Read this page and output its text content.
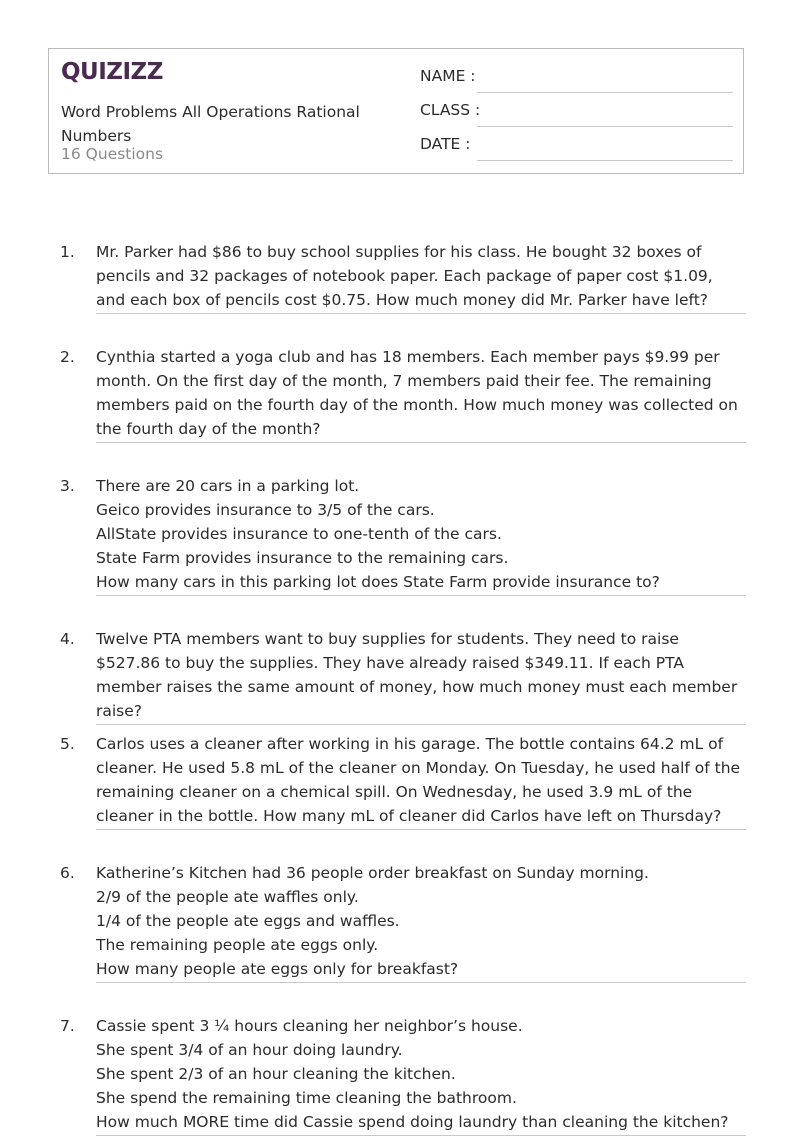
QUIZIZZ
Word Problems All Operations Rational Numbers
16 Questions
NAME :
CLASS :
DATE :
1. Mr. Parker had $86 to buy school supplies for his class. He bought 32 boxes of pencils and 32 packages of notebook paper. Each package of paper cost $1.09, and each box of pencils cost $0.75. How much money did Mr. Parker have left?
2. Cynthia started a yoga club and has 18 members. Each member pays $9.99 per month. On the first day of the month, 7 members paid their fee. The remaining members paid on the fourth day of the month. How much money was collected on the fourth day of the month?
3. There are 20 cars in a parking lot.
Geico provides insurance to 3/5 of the cars.
AllState provides insurance to one-tenth of the cars.
State Farm provides insurance to the remaining cars.
How many cars in this parking lot does State Farm provide insurance to?
4. Twelve PTA members want to buy supplies for students. They need to raise $527.86 to buy the supplies. They have already raised $349.11. If each PTA member raises the same amount of money, how much money must each member raise?
5. Carlos uses a cleaner after working in his garage. The bottle contains 64.2 mL of cleaner. He used 5.8 mL of the cleaner on Monday. On Tuesday, he used half of the remaining cleaner on a chemical spill. On Wednesday, he used 3.9 mL of the cleaner in the bottle. How many mL of cleaner did Carlos have left on Thursday?
6. Katherine’s Kitchen had 36 people order breakfast on Sunday morning.
2/9 of the people ate waffles only.
1/4 of the people ate eggs and waffles.
The remaining people ate eggs only.
How many people ate eggs only for breakfast?
7. Cassie spent 3 ¼ hours cleaning her neighbor’s house.
She spent 3/4 of an hour doing laundry.
She spent 2/3 of an hour cleaning the kitchen.
She spend the remaining time cleaning the bathroom.
How much MORE time did Cassie spend doing laundry than cleaning the kitchen?
